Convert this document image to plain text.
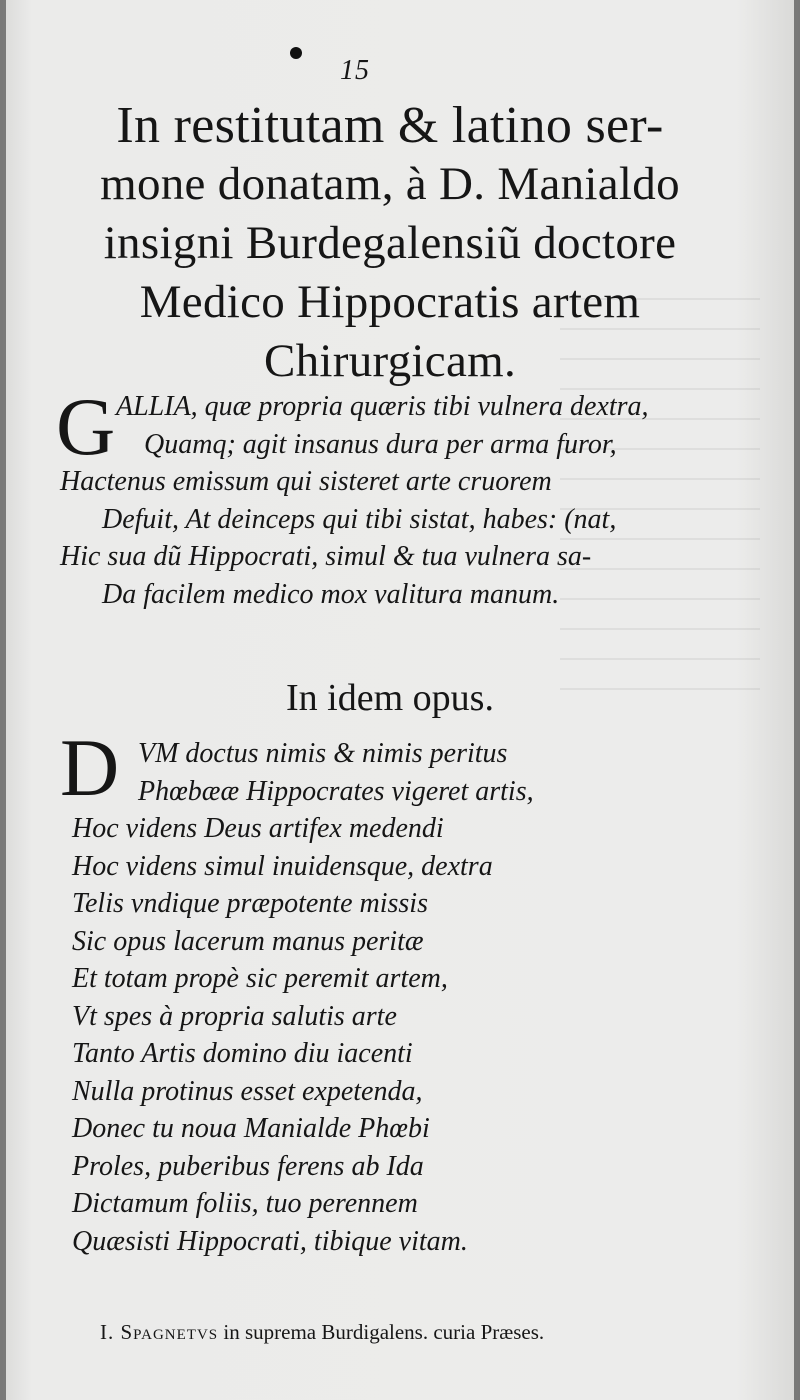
15
In restitutam & latino ser-
mone donatam, à D. Manialdo
insigni Burdegalensiũ doctore
Medico Hippocratis artem
Chirurgicam.
G ALLIA, quæ propria quæris tibi vulnera dextra,
Quamq; agit insanus dura per arma furor,
Hactenus emissum qui sisteret arte cruorem
Defuit, At deinceps qui tibi sistat, habes: (nat,
Hic sua dũ Hippocrati, simul & tua vulnera sa-
Da facilem medico mox valitura manum.
In idem opus.
D VM doctus nimis & nimis peritus
Phœbææ Hippocrates vigeret artis,
Hoc videns Deus artifex medendi
Hoc videns simul inuidensque, dextra
Telis vndique præpotente missis
Sic opus lacerum manus peritæ
Et totam propè sic peremit artem,
Vt spes à propria salutis arte
Tanto Artis domino diu iacenti
Nulla protinus esset expetenda,
Donec tu noua Manialde Phœbi
Proles, puberibus ferens ab Ida
Dictamum foliis, tuo perennem
Quæsisti Hippocrati, tibique vitam.
I. Spagnetvs in suprema Burdigalens. curia Præses.
